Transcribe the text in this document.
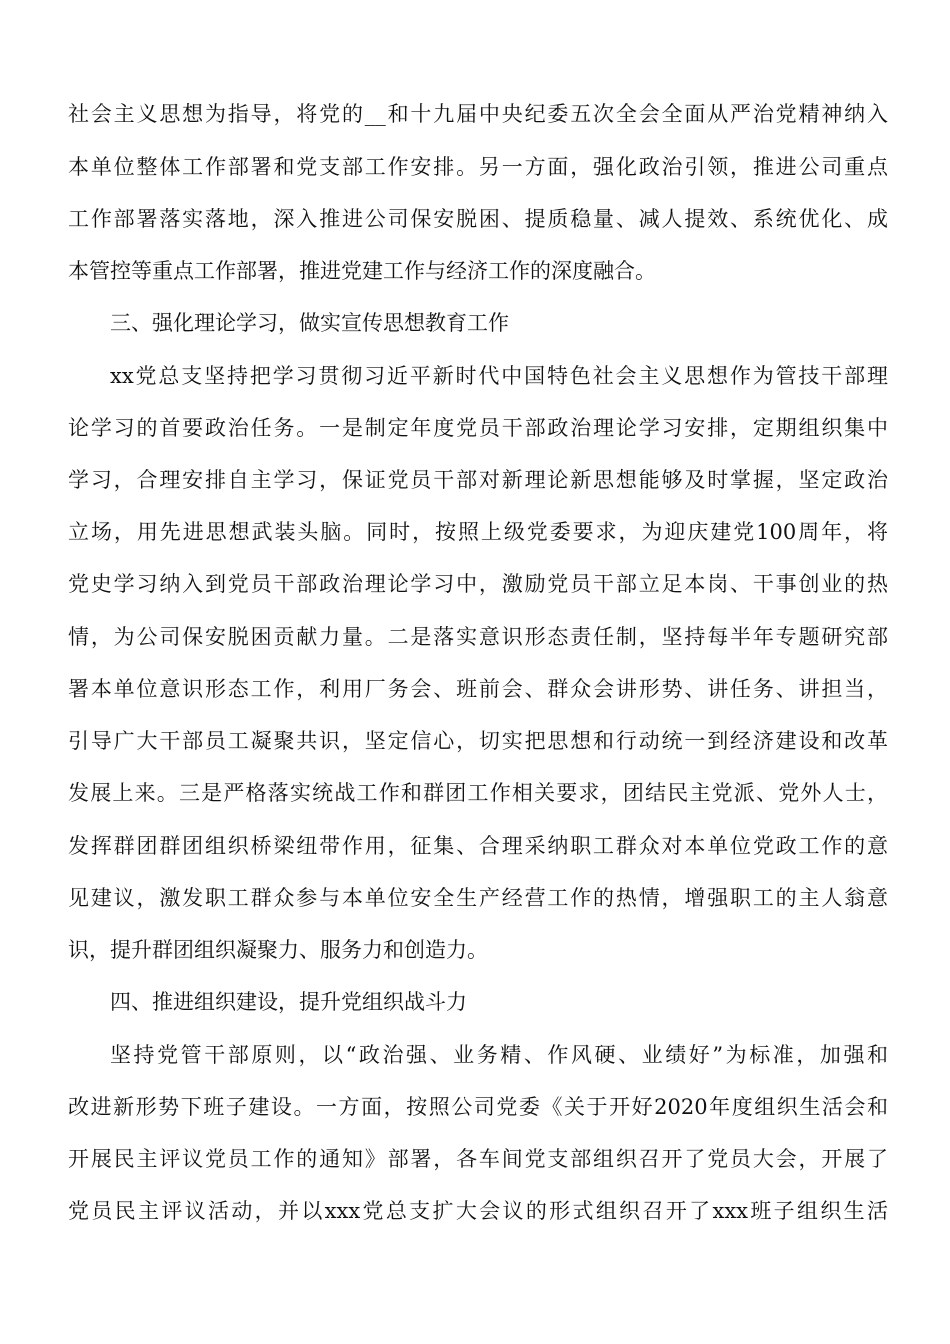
社会主义思想为指导，将党的__和十九届中央纪委五次全会全面从严治党精神纳入
本单位整体工作部署和党支部工作安排。另一方面，强化政治引领，推进公司重点
工作部署落实落地，深入推进公司保安脱困、提质稳量、减人提效、系统优化、成
本管控等重点工作部署，推进党建工作与经济工作的深度融合。
三、强化理论学习，做实宣传思想教育工作
xx党总支坚持把学习贯彻习近平新时代中国特色社会主义思想作为管技干部理
论学习的首要政治任务。一是制定年度党员干部政治理论学习安排，定期组织集中
学习，合理安排自主学习，保证党员干部对新理论新思想能够及时掌握，坚定政治
立场，用先进思想武装头脑。同时，按照上级党委要求，为迎庆建党100周年，将
党史学习纳入到党员干部政治理论学习中，激励党员干部立足本岗、干事创业的热
情，为公司保安脱困贡献力量。二是落实意识形态责任制，坚持每半年专题研究部
署本单位意识形态工作，利用厂务会、班前会、群众会讲形势、讲任务、讲担当，
引导广大干部员工凝聚共识，坚定信心，切实把思想和行动统一到经济建设和改革
发展上来。三是严格落实统战工作和群团工作相关要求，团结民主党派、党外人士，
发挥群团群团组织桥梁纽带作用，征集、合理采纳职工群众对本单位党政工作的意
见建议，激发职工群众参与本单位安全生产经营工作的热情，增强职工的主人翁意
识，提升群团组织凝聚力、服务力和创造力。
四、推进组织建设，提升党组织战斗力
坚持党管干部原则，以“政治强、业务精、作风硬、业绩好”为标准，加强和
改进新形势下班子建设。一方面，按照公司党委《关于开好2020年度组织生活会和
开展民主评议党员工作的通知》部署，各车间党支部组织召开了党员大会，开展了
党员民主评议活动，并以xxx党总支扩大会议的形式组织召开了xxx班子组织生活
